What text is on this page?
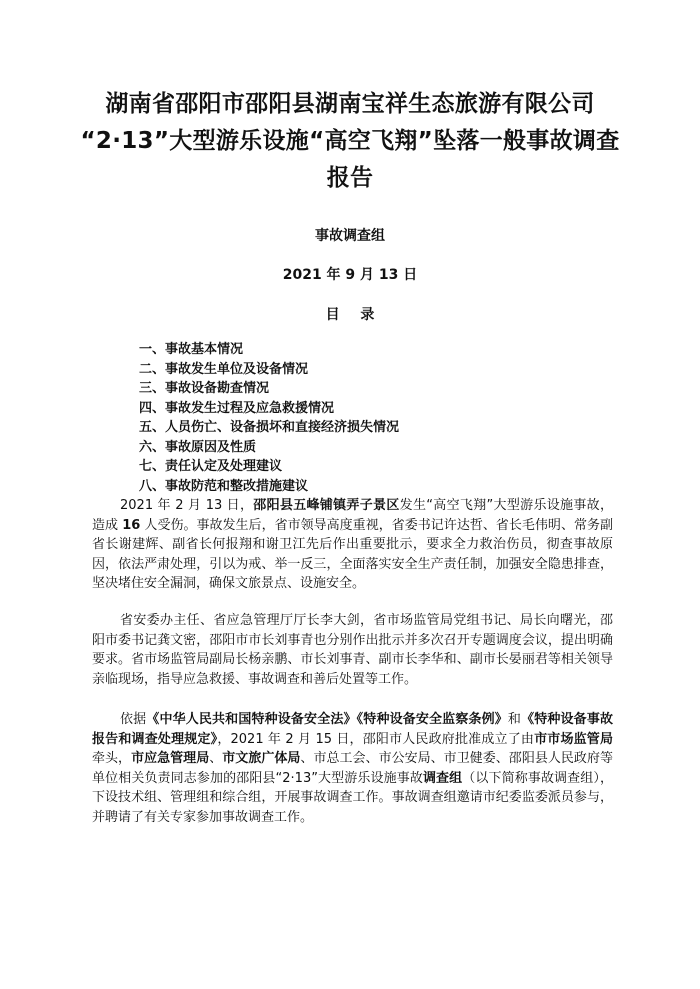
湖南省邵阳市邵阳县湖南宝祥生态旅游有限公司
“2·13”大型游乐设施“高空飞翔”坠落一般事故调查
报告
事故调查组
2021 年 9 月 13 日
目 录
一、事故基本情况
二、事故发生单位及设备情况
三、事故设备勘查情况
四、事故发生过程及应急救援情况
五、人员伤亡、设备损坏和直接经济损失情况
六、事故原因及性质
七、责任认定及处理建议
八、事故防范和整改措施建议

2021 年 2 月 13 日，邵阳县五峰铺镇弄子景区发生“高空飞翔”大型游乐设施事故，造成 16 人受伤。事故发生后，省市领导高度重视，省委书记许达哲、省长毛伟明、常务副省长谢建辉、副省长何报翔和谢卫江先后作出重要批示，要求全力救治伤员，彻查事故原因，依法严肃处理，引以为戒、举一反三，全面落实安全生产责任制，加强安全隐患排查，坚决堵住安全漏洞，确保文旅景点、设施安全。

省安委办主任、省应急管理厅厅长李大剑，省市场监管局党组书记、局长向曙光，邵阳市委书记龚文密，邵阳市市长刘事青也分别作出批示并多次召开专题调度会议，提出明确要求。省市场监管局副局长杨亲鹏、市长刘事青、副市长李华和、副市长晏丽君等相关领导亲临现场，指导应急救援、事故调查和善后处置等工作。

依据《中华人民共和国特种设备安全法》《特种设备安全监察条例》和《特种设备事故报告和调查处理规定》，2021 年 2 月 15 日，邵阳市人民政府批准成立了由市市场监管局牵头，市应急管理局、市文旅广体局、市总工会、市公安局、市卫健委、邵阳县人民政府等单位相关负责同志参加的邵阳县“2·13”大型游乐设施事故调查组（以下简称事故调查组），下设技术组、管理组和综合组，开展事故调查工作。事故调查组邀请市纪委监委派员参与，并聘请了有关专家参加事故调查工作。
